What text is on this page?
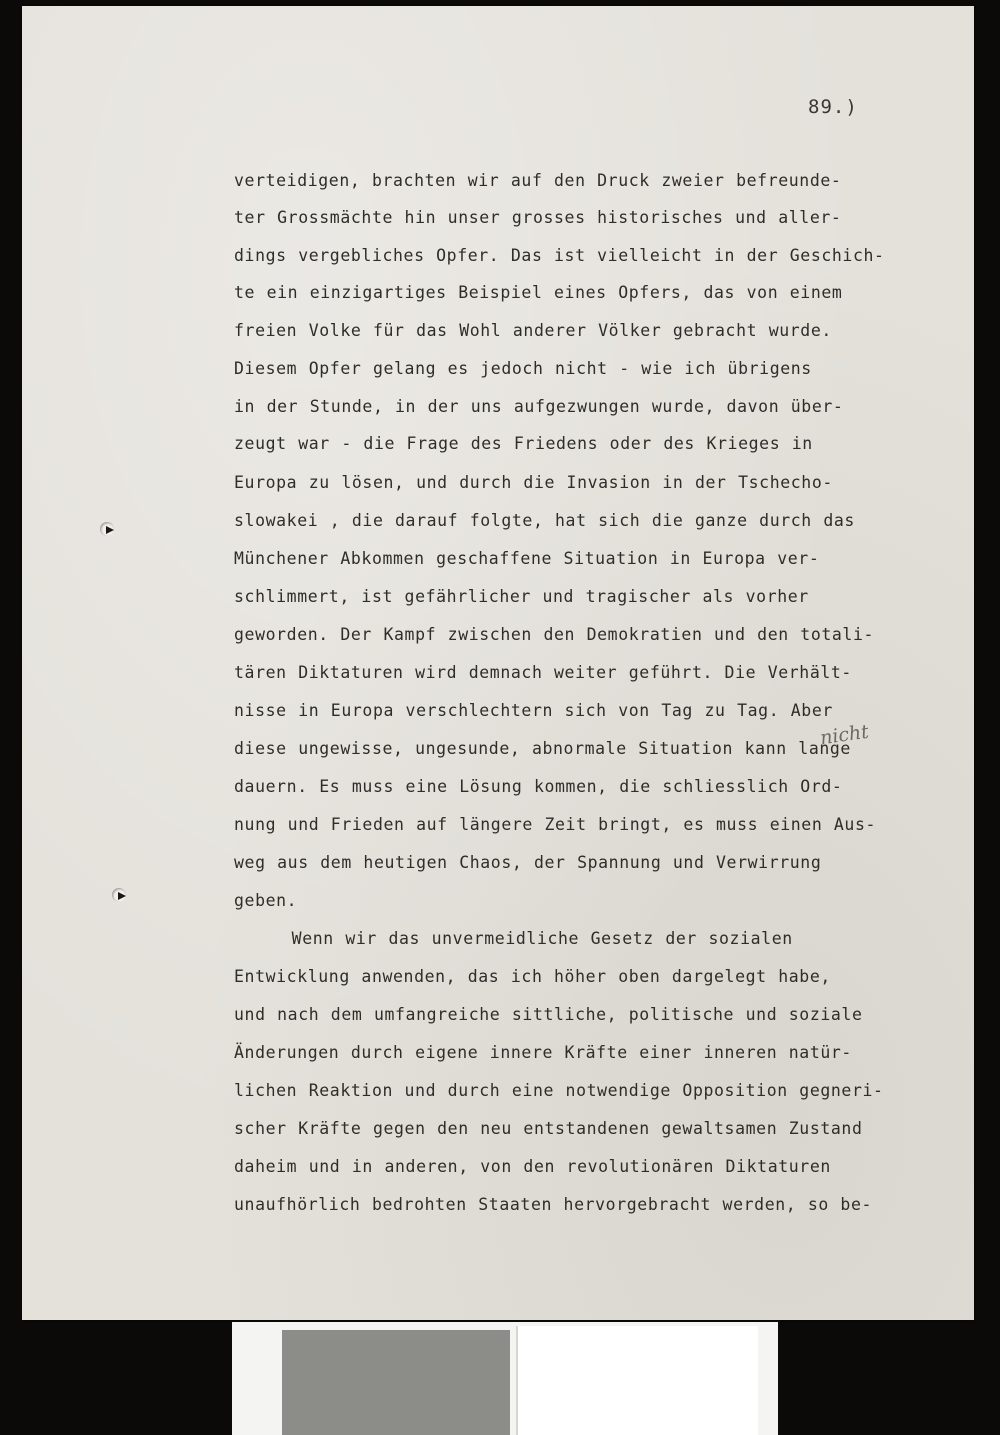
89.)
verteidigen, brachten wir auf den Druck zweier befreunde-
ter Grossmächte hin unser grosses historisches und aller-
dings vergebliches Opfer. Das ist vielleicht in der Geschich-
te ein einzigartiges Beispiel eines Opfers, das von einem
freien Volke für das Wohl anderer Völker gebracht wurde.
Diesem Opfer gelang es jedoch nicht - wie ich übrigens
in der Stunde, in der uns aufgezwungen wurde, davon über-
zeugt war - die Frage des Friedens oder des Krieges in
Europa zu lösen, und durch die Invasion in der Tschecho-
slowakei , die darauf folgte, hat sich die ganze durch das
Münchener Abkommen geschaffene Situation in Europa ver-
schlimmert, ist gefährlicher und tragischer als vorher
geworden. Der Kampf zwischen den Demokratien und den totali-
tären Diktaturen wird demnach weiter geführt. Die Verhält-
nisse in Europa verschlechtern sich von Tag zu Tag. Aber
diese ungewisse, ungesunde, abnormale Situation kann lange
dauern. Es muss eine Lösung kommen, die schliesslich Ord-
nung und Frieden auf längere Zeit bringt, es muss einen Aus-
weg aus dem heutigen Chaos, der Spannung und Verwirrung
geben.
Wenn wir das unvermeidliche Gesetz der sozialen
Entwicklung anwenden, das ich höher oben dargelegt habe,
und nach dem umfangreiche sittliche, politische und soziale
Änderungen durch eigene innere Kräfte einer inneren natür-
lichen Reaktion und durch eine notwendige Opposition gegneri-
scher Kräfte gegen den neu entstandenen gewaltsamen Zustand
daheim und in anderen, von den revolutionären Diktaturen
unaufhörlich bedrohten Staaten hervorgebracht werden, so be-
nicht
